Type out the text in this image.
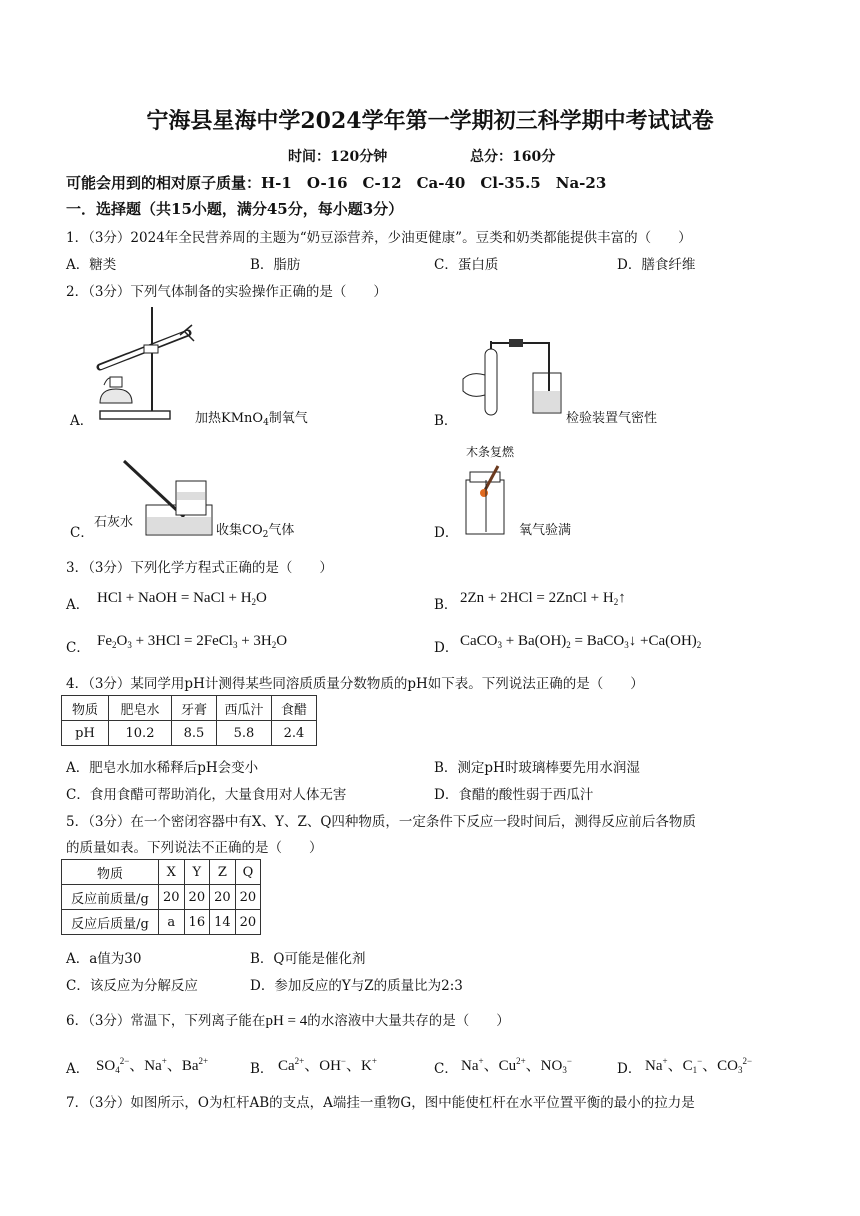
宁海县星海中学2024学年第一学期初三科学期中考试试卷
时间：120分钟	总分：160分
可能会用到的相对原子质量：H-1　O-16　C-12　Ca-40　Cl-35.5　Na-23
一．选择题（共15小题，满分45分，每小题3分）
1．（3分）2024年全民营养周的主题为“奶豆添营养，少油更健康”。豆类和奶类都能提供丰富的（　　）
A．糖类	B．脂肪	C．蛋白质	D．膳食纤维
2．（3分）下列气体制备的实验操作正确的是（　　）
A．	加热KMnO$_4$制氧气	B．	检验装置气密性
石灰水
C．	收集$CO_2$气体
木条复燃
D．	氧气验满
3．（3分）下列化学方程式正确的是（　　）
A． HCl + NaOH = NaCl + $H_2O$	B． 2Zn + 2HCl = 2ZnCl + $H_2↑$
C． $Fe_2O_3 + 3HCl$ = 2FeCl$_3$ + $3H_2O$	D． CaCO$_3$ + $Ba(OH)_2$ = BaCO$_3$↓ $+Ca(OH)_2$
4．（3分）某同学用pH计测得某些同溶质质量分数物质的pH如下表。下列说法正确的是（　　）
物质	肥皂水	牙膏	西瓜汁	食醋
pH	10.2	8.5	5.8	2.4
A．肥皂水加水稀释后pH会变小	B．测定pH时玻璃棒要先用水润湿
C．食用食醋可帮助消化，大量食用对人体无害	D．食醋的酸性弱于西瓜汁
5．（3分）在一个密闭容器中有X、Y、Z、Q四种物质，一定条件下反应一段时间后，测得反应前后各物质
的质量如表。下列说法不正确的是（　　）
物质	X	Y	Z	Q
反应前质量/g	20	20	20	20
反应后质量/g	a	16	14	20
A．a值为30	B．Q可能是催化剂
C．该反应为分解反应	D．参加反应的Y与Z的质量比为2:3
6．（3分）常温下，下列离子能在pH = 4的水溶液中大量共存的是（　　）
A． $SO_4^{2-}$、Na+、$Ba^{2+}$	B． $Ca^{2+}$、OH−、K+	C． Na+、$Cu^{2+}$、$NO_3^-$	D． Na+、$C_1^-$、$CO_3^{2-}$
7．（3分）如图所示，O为杠杆AB的支点，A端挂一重物G，图中能使杠杆在水平位置平衡的最小的拉力是
